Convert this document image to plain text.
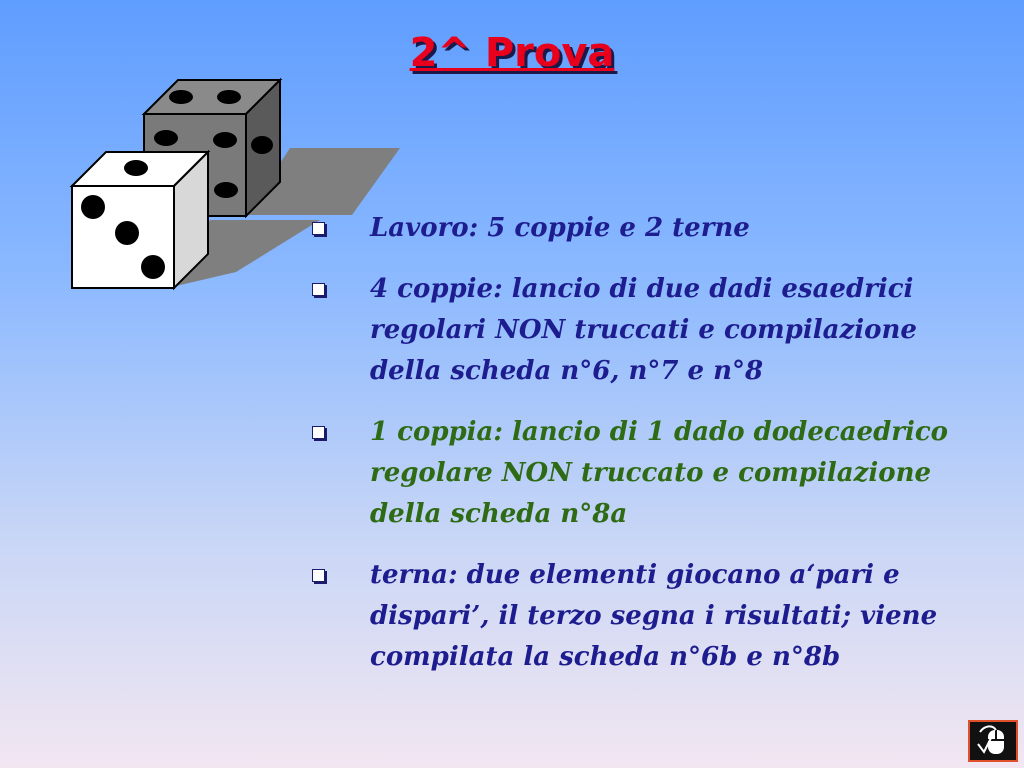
2^ Prova
Lavoro: 5 coppie e 2 terne
4 coppie: lancio di due dadi esaedrici regolari NON truccati e compilazione della scheda n°6, n°7 e n°8
1 coppia: lancio di 1 dado dodecaedrico regolare NON truccato e compilazione della scheda n°8a
terna: due elementi giocano a‘pari e dispari’, il terzo segna i risultati; viene compilata la scheda n°6b e n°8b
